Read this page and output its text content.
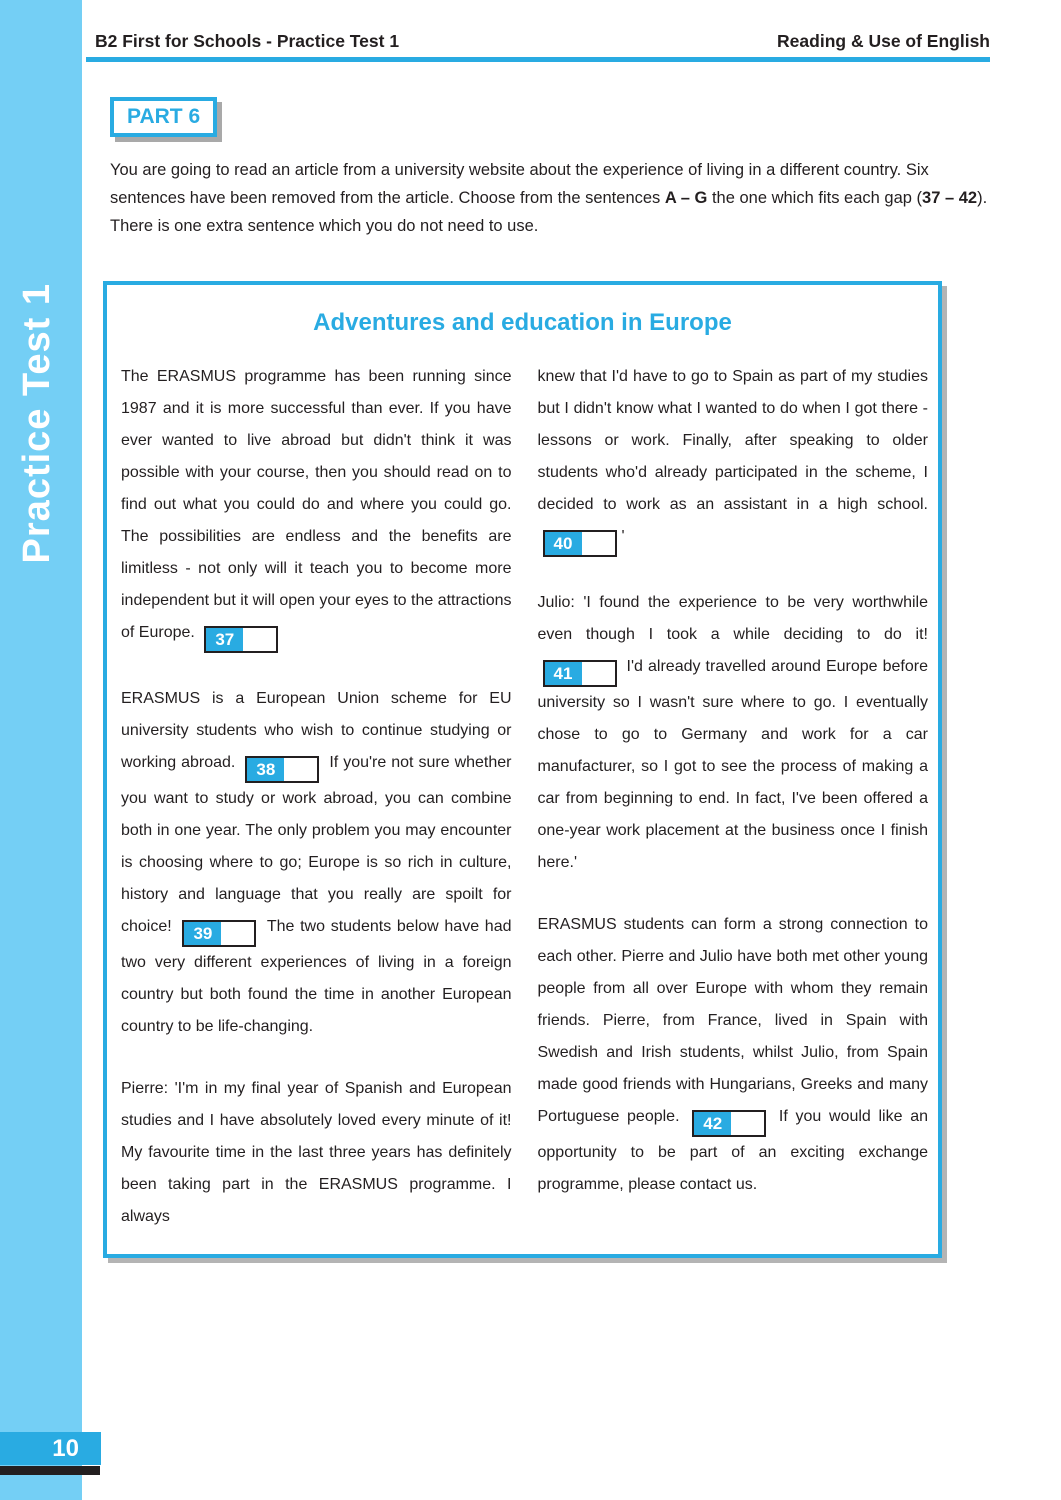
Practice Test 1
B2 First for Schools - Practice Test 1	Reading & Use of English
PART 6
You are going to read an article from a university website about the experience of living in a different country. Six sentences have been removed from the article. Choose from the sentences A – G the one which fits each gap (37 – 42). There is one extra sentence which you do not need to use.
Adventures and education in Europe

The ERASMUS programme has been running since 1987 and it is more successful than ever. If you have ever wanted to live abroad but didn't think it was possible with your course, then you should read on to find out what you could do and where you could go. The possibilities are endless and the benefits are limitless - not only will it teach you to become more independent but it will open your eyes to the attractions of Europe. 37

ERASMUS is a European Union scheme for EU university students who wish to continue studying or working abroad. 38	If you're not sure whether you want to study or work abroad, you can combine both in one year. The only problem you may encounter is choosing where to go; Europe is so rich in culture, history and language that you really are spoilt for choice! 39	The two students below have had two very different experiences of living in a foreign country but both found the time in another European country to be life-changing.

Pierre: 'I'm in my final year of Spanish and European studies and I have absolutely loved every minute of it! My favourite time in the last three years has definitely been taking part in the ERASMUS programme. I always

knew that I'd have to go to Spain as part of my studies but I didn't know what I wanted to do when I got there - lessons or work. Finally, after speaking to older students who'd already participated in the scheme, I decided to work as an assistant in a high school.
40	'

Julio: 'I found the experience to be very worthwhile even though I took a while deciding to do it!
41	I'd already travelled around Europe before university so I wasn't sure where to go. I eventually chose to go to Germany and work for a car manufacturer, so I got to see the process of making a car from beginning to end. In fact, I've been offered a one-year work placement at the business once I finish here.'

ERASMUS students can form a strong connection to each other. Pierre and Julio have both met other young people from all over Europe with whom they remain friends. Pierre, from France, lived in Spain with Swedish and Irish students, whilst Julio, from Spain made good friends with Hungarians, Greeks and many Portuguese people. 42	If you would like an opportunity to be part of an exciting exchange programme, please contact us.

10
